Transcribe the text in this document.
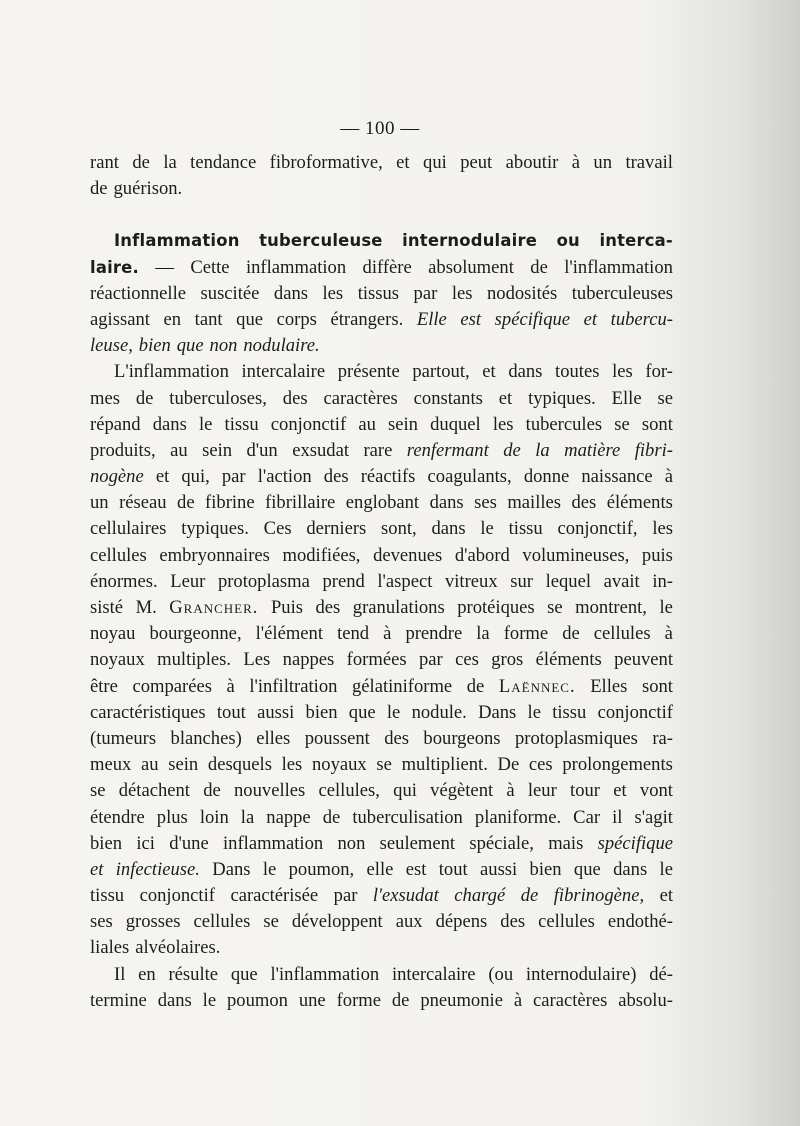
— 100 —
rant de la tendance fibroformative, et qui peut aboutir à un travail
de guérison.
Inflammation tuberculeuse internodulaire ou interca-
laire. — Cette inflammation diffère absolument de l'inflammation
réactionnelle suscitée dans les tissus par les nodosités tuberculeuses
agissant en tant que corps étrangers. Elle est spécifique et tubercu-
leuse, bien que non nodulaire.
L'inflammation intercalaire présente partout, et dans toutes les for-
mes de tuberculoses, des caractères constants et typiques. Elle se
répand dans le tissu conjonctif au sein duquel les tubercules se sont
produits, au sein d'un exsudat rare renfermant de la matière fibri-
nogène et qui, par l'action des réactifs coagulants, donne naissance à
un réseau de fibrine fibrillaire englobant dans ses mailles des éléments
cellulaires typiques. Ces derniers sont, dans le tissu conjonctif, les
cellules embryonnaires modifiées, devenues d'abord volumineuses, puis
énormes. Leur protoplasma prend l'aspect vitreux sur lequel avait in-
sisté M. Grancher. Puis des granulations protéiques se montrent, le
noyau bourgeonne, l'élément tend à prendre la forme de cellules à
noyaux multiples. Les nappes formées par ces gros éléments peuvent
être comparées à l'infiltration gélatiniforme de Laënnec. Elles sont
caractéristiques tout aussi bien que le nodule. Dans le tissu conjonctif
(tumeurs blanches) elles poussent des bourgeons protoplasmiques ra-
meux au sein desquels les noyaux se multiplient. De ces prolongements
se détachent de nouvelles cellules, qui végètent à leur tour et vont
étendre plus loin la nappe de tuberculisation planiforme. Car il s'agit
bien ici d'une inflammation non seulement spéciale, mais spécifique
et infectieuse. Dans le poumon, elle est tout aussi bien que dans le
tissu conjonctif caractérisée par l'exsudat chargé de fibrinogène, et
ses grosses cellules se développent aux dépens des cellules endothé-
liales alvéolaires.
Il en résulte que l'inflammation intercalaire (ou internodulaire) dé-
termine dans le poumon une forme de pneumonie à caractères absolu-
